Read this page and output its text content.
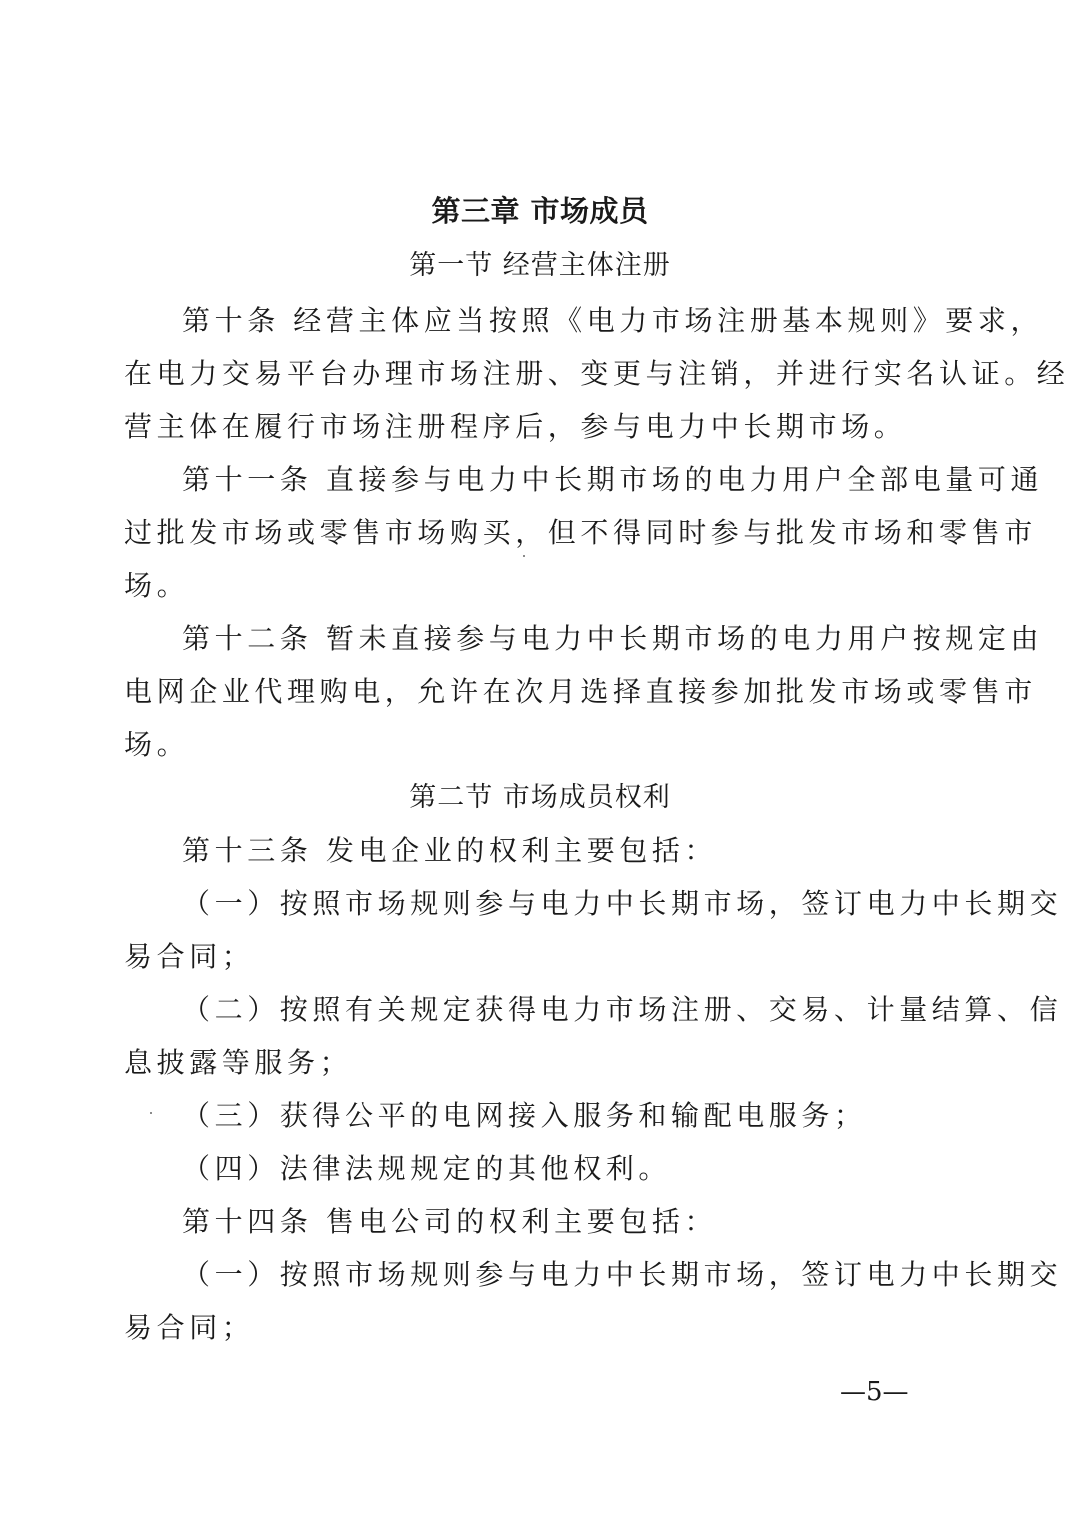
第三章 市场成员
第一节 经营主体注册
第十条 经营主体应当按照《电力市场注册基本规则》要求，
在电力交易平台办理市场注册、变更与注销，并进行实名认证。经
营主体在履行市场注册程序后，参与电力中长期市场。
第十一条 直接参与电力中长期市场的电力用户全部电量可通
过批发市场或零售市场购买，但不得同时参与批发市场和零售市
场。
第十二条 暂未直接参与电力中长期市场的电力用户按规定由
电网企业代理购电，允许在次月选择直接参加批发市场或零售市
场。
第二节 市场成员权利
第十三条 发电企业的权利主要包括：
（一）按照市场规则参与电力中长期市场，签订电力中长期交
易合同；
（二）按照有关规定获得电力市场注册、交易、计量结算、信
息披露等服务；
（三）获得公平的电网接入服务和输配电服务；
（四）法律法规规定的其他权利。
第十四条 售电公司的权利主要包括：
（一）按照市场规则参与电力中长期市场，签订电力中长期交
易合同；
—5—
